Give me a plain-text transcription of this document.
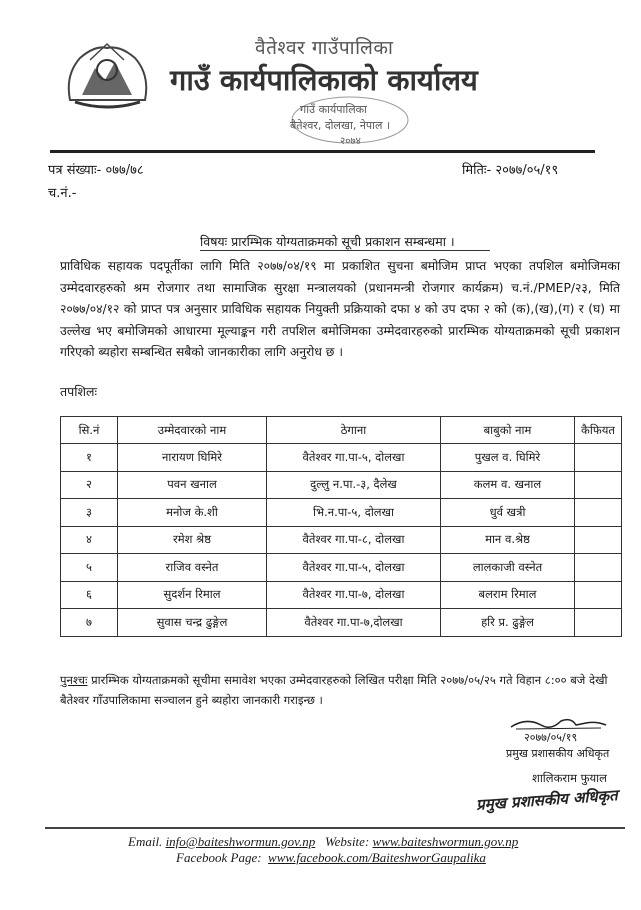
वैतेश्वर गाउँपालिका
गाउँ कार्यपालिकाको कार्यालय
गाउँ कार्यपालिका
बैतेश्वर, दोलखा, नेपाल ।
२०७४
पत्र संख्याः- ०७७/७८
च.नं.-
मितिः- २०७७/०५/१९
विषयः प्रारम्भिक योग्यताक्रमको सूची प्रकाशन सम्बन्धमा ।
प्राविधिक सहायक पदपूर्तीका लागि मिति २०७७/०४/१९ मा प्रकाशित सुचना बमोजिम प्राप्त भएका तपशिल बमोजिमका उम्मेदवारहरुको श्रम रोजगार तथा सामाजिक सुरक्षा मन्त्रालयको (प्रधानमन्त्री रोजगार कार्यक्रम) च.नं./PMEP/२३, मिति २०७७/०४/१२ को प्राप्त पत्र अनुसार प्राविधिक सहायक नियुक्ती प्रक्रियाको दफा ४ को उप दफा २ को (क),(ख),(ग) र (घ) मा उल्लेख भए बमोजिमको आधारमा मूल्याङ्कन गरी तपशिल बमोजिमका उम्मेदवारहरुको प्रारम्भिक योग्यताक्रमको सूची प्रकाशन गरिएको ब्यहोरा सम्बन्धित सबैको जानकारीका लागि अनुरोध छ ।
तपशिलः
सि.नं	उम्मेदवारको नाम	ठेगाना	बाबुको नाम	कैफियत
१	नारायण घिमिरे	वैतेश्वर गा.पा-५, दोलखा	पुखल व. घिमिरे	
२	पवन खनाल	दुल्लु न.पा.-३, दैलेख	कलम व. खनाल	
३	मनोज के.शी	भि.न.पा-५, दोलखा	धुर्व खत्री	
४	रमेश श्रेष्ठ	वैतेश्वर गा.पा-८, दोलखा	मान व.श्रेष्ठ	
५	राजिव वस्नेत	वैतेश्वर गा.पा-५, दोलखा	लालकाजी वस्नेत	
६	सुदर्शन रिमाल	वैतेश्वर गा.पा-७, दोलखा	बलराम रिमाल	
७	सुवास चन्द्र ढुङ्गेल	वैतेश्वर गा.पा-७,दोलखा	हरि प्र. ढुङ्गेल	
पुनश्चः प्रारम्भिक योग्यताक्रमको सूचीमा समावेश भएका उम्मेदवारहरुको लिखित परीक्षा मिति २०७७/०५/२५ गते विहान ८:०० बजे देखी बैतेश्वर गाँउपालिकामा सञ्चालन हुने ब्यहोरा जानकारी गराइन्छ ।
२०७७/०५/१९
प्रमुख प्रशासकीय अधिकृत
शालिकराम फुयाल
प्रमुख प्रशासकीय अधिकृत
Email. info@baiteshwormun.gov.np   Website: www.baiteshwormun.gov.np
Facebook Page:  www.facebook.com/BaiteshworGaupalika
